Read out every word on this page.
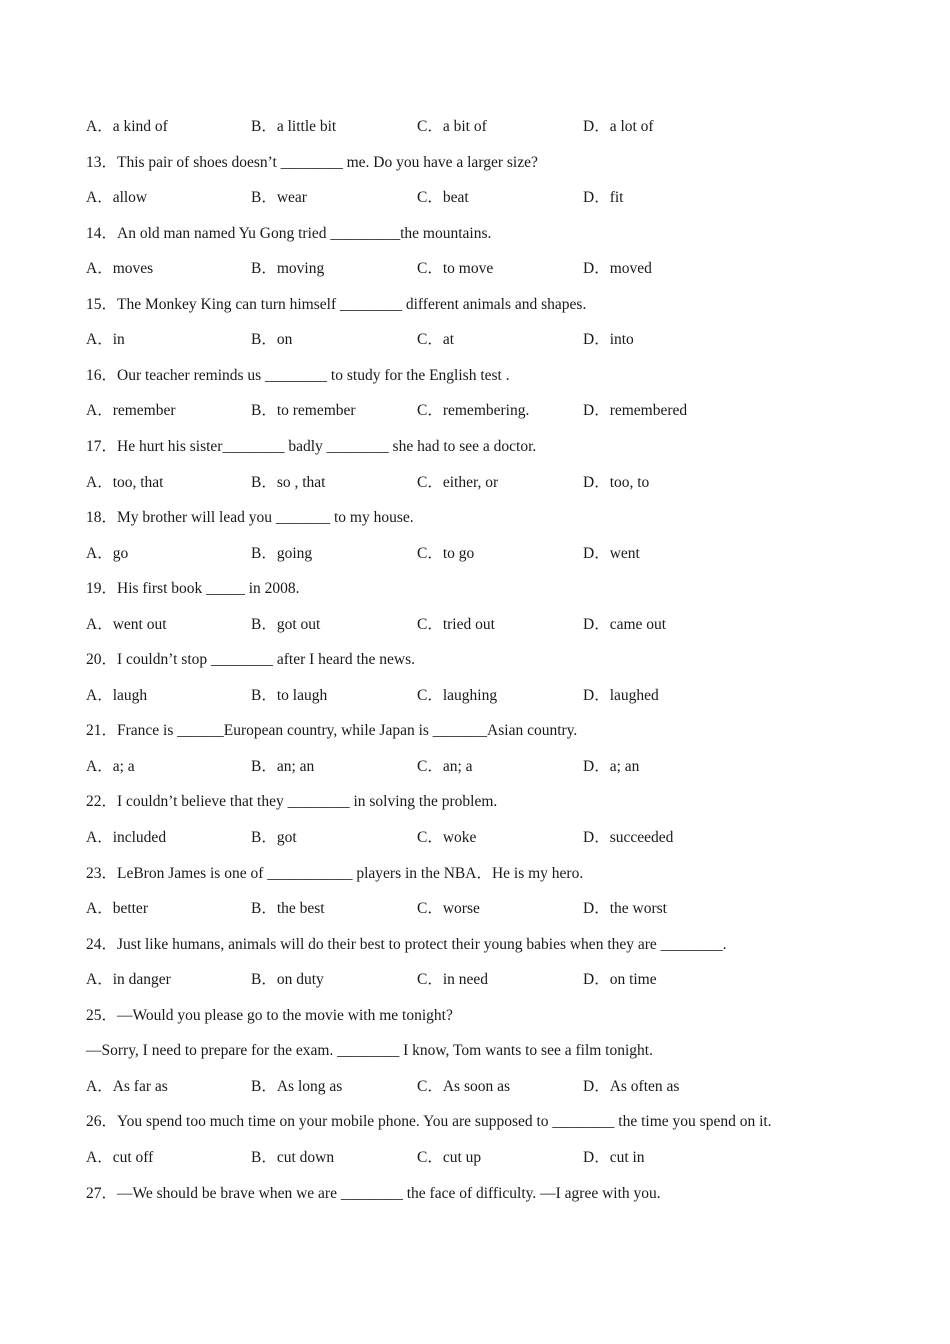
A．a kind of	B．a little bit	C．a bit of	D．a lot of
13．This pair of shoes doesn’t ________ me. Do you have a larger size?
A．allow	B．wear	C．beat	D．fit
14．An old man named Yu Gong tried _________the mountains.
A．moves	B．moving	C．to move	D．moved
15．The Monkey King can turn himself ________ different animals and shapes.
A．in	B．on	C．at	D．into
16．Our teacher reminds us ________ to study for the English test .
A．remember	B．to remember	C．remembering.	D．remembered
17．He hurt his sister________ badly ________ she had to see a doctor.
A．too, that	B．so , that	C．either, or	D．too, to
18．My brother will lead you _______ to my house.
A．go	B．going	C．to go	D．went
19．His first book _____ in 2008.
A．went out	B．got out	C．tried out	D．came out
20．I couldn’t stop ________ after I heard the news.
A．laugh	B．to laugh	C．laughing	D．laughed
21．France is ______European country, while Japan is _______Asian country.
A．a; a	B．an; an	C．an; a	D．a; an
22．I couldn’t believe that they ________ in solving the problem.
A．included	B．got	C．woke	D．succeeded
23．LeBron James is one of ___________ players in the NBA．He is my hero.
A．better	B．the best	C．worse	D．the worst
24．Just like humans, animals will do their best to protect their young babies when they are ________.
A．in danger	B．on duty	C．in need	D．on time
25．—Would you please go to the movie with me tonight?
—Sorry, I need to prepare for the exam. ________ I know, Tom wants to see a film tonight.
A．As far as	B．As long as	C．As soon as	D．As often as
26．You spend too much time on your mobile phone. You are supposed to ________ the time you spend on it.
A．cut off	B．cut down	C．cut up	D．cut in
27．—We should be brave when we are ________ the face of difficulty. —I agree with you.
